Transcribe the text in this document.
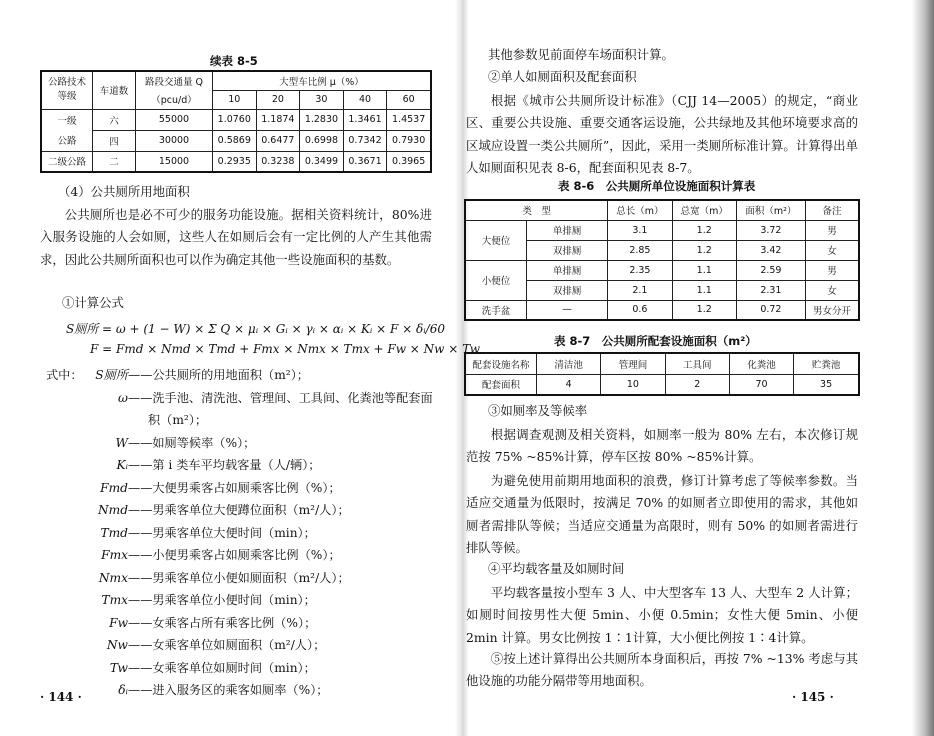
续表 8-5
公路技术等级	车道数	路段交通量 Q	大型车比例 μ（%）				
		（pcu/d）	10	20	30	40	60
一级	六	55000	1.0760	1.1874	1.2830	1.3461	1.4537
公路	四	30000	0.5869	0.6477	0.6998	0.7342	0.7930
二级公路	二	15000	0.2935	0.3238	0.3499	0.3671	0.3965
（4）公共厕所用地面积
公共厕所也是必不可少的服务功能设施。据相关资料统计，80%进入服务设施的人会如厕，这些人在如厕后会有一定比例的人产生其他需求，因此公共厕所面积也可以作为确定其他一些设施面积的基数。
①计算公式
S厕所 = ω + (1 − W) × Σ Q × μᵢ × Gᵢ × γᵢ × αᵢ × Kᵢ × F × δᵢ/60
F = Fmd × Nmd × Tmd + Fmx × Nmx × Tmx + Fw × Nw × Tw
式中：	S厕所——公共厕所的用地面积（m²）；
ω——洗手池、清洗池、管理间、工具间、化粪池等配套面
积（m²）；
W——如厕等候率（%）；
Kᵢ——第 i 类车平均载客量（人/辆）；
Fmd——大便男乘客占如厕乘客比例（%）；
Nmd——男乘客单位大便蹲位面积（m²/人）；
Tmd——男乘客单位大便时间（min）；
Fmx——小便男乘客占如厕乘客比例（%）；
Nmx——男乘客单位小便如厕面积（m²/人）；
Tmx——男乘客单位小便时间（min）；
Fw——女乘客占所有乘客比例（%）；
Nw——女乘客单位如厕面积（m²/人）；
Tw——女乘客单位如厕时间（min）；
δᵢ——进入服务区的乘客如厕率（%）；
· 144 ·
其他参数见前面停车场面积计算。
②单人如厕面积及配套面积
根据《城市公共厕所设计标准》（CJJ 14—2005）的规定，“商业区、重要公共设施、重要交通客运设施，公共绿地及其他环境要求高的区域应设置一类公共厕所”，因此，采用一类厕所标准计算。计算得出单人如厕面积见表 8-6，配套面积见表 8-7。
表 8-6　公共厕所单位设施面积计算表
类　型		总长（m）	总宽（m）	面积（m²）	备注
大便位	单排厕	3.1	1.2	3.72	男
	双排厕	2.85	1.2	3.42	女
小便位	单排厕	2.35	1.1	2.59	男
	双排厕	2.1	1.1	2.31	女
洗手盆	—	0.6	1.2	0.72	男女分开
表 8-7　公共厕所配套设施面积（m²）
配套设施名称	清洁池	管理间	工具间	化粪池	贮粪池
配套面积	4	10	2	70	35
③如厕率及等候率
根据调查观测及相关资料，如厕率一般为 80% 左右，本次修订规范按 75% ~85%计算，停车区按 80% ~85%计算。
为避免使用前期用地面积的浪费，修订计算考虑了等候率参数。当适应交通量为低限时，按满足 70% 的如厕者立即使用的需求，其他如厕者需排队等候；当适应交通量为高限时，则有 50% 的如厕者需进行排队等候。
④平均载客量及如厕时间
平均载客量按小型车 3 人、中大型客车 13 人、大型车 2 人计算；如厕时间按男性大便 5min、小便 0.5min；女性大便 5min、小便 2min 计算。男女比例按 1∶1计算，大小便比例按 1∶4计算。
⑤按上述计算得出公共厕所本身面积后，再按 7% ~13% 考虑与其他设施的功能分隔带等用地面积。
· 145 ·
